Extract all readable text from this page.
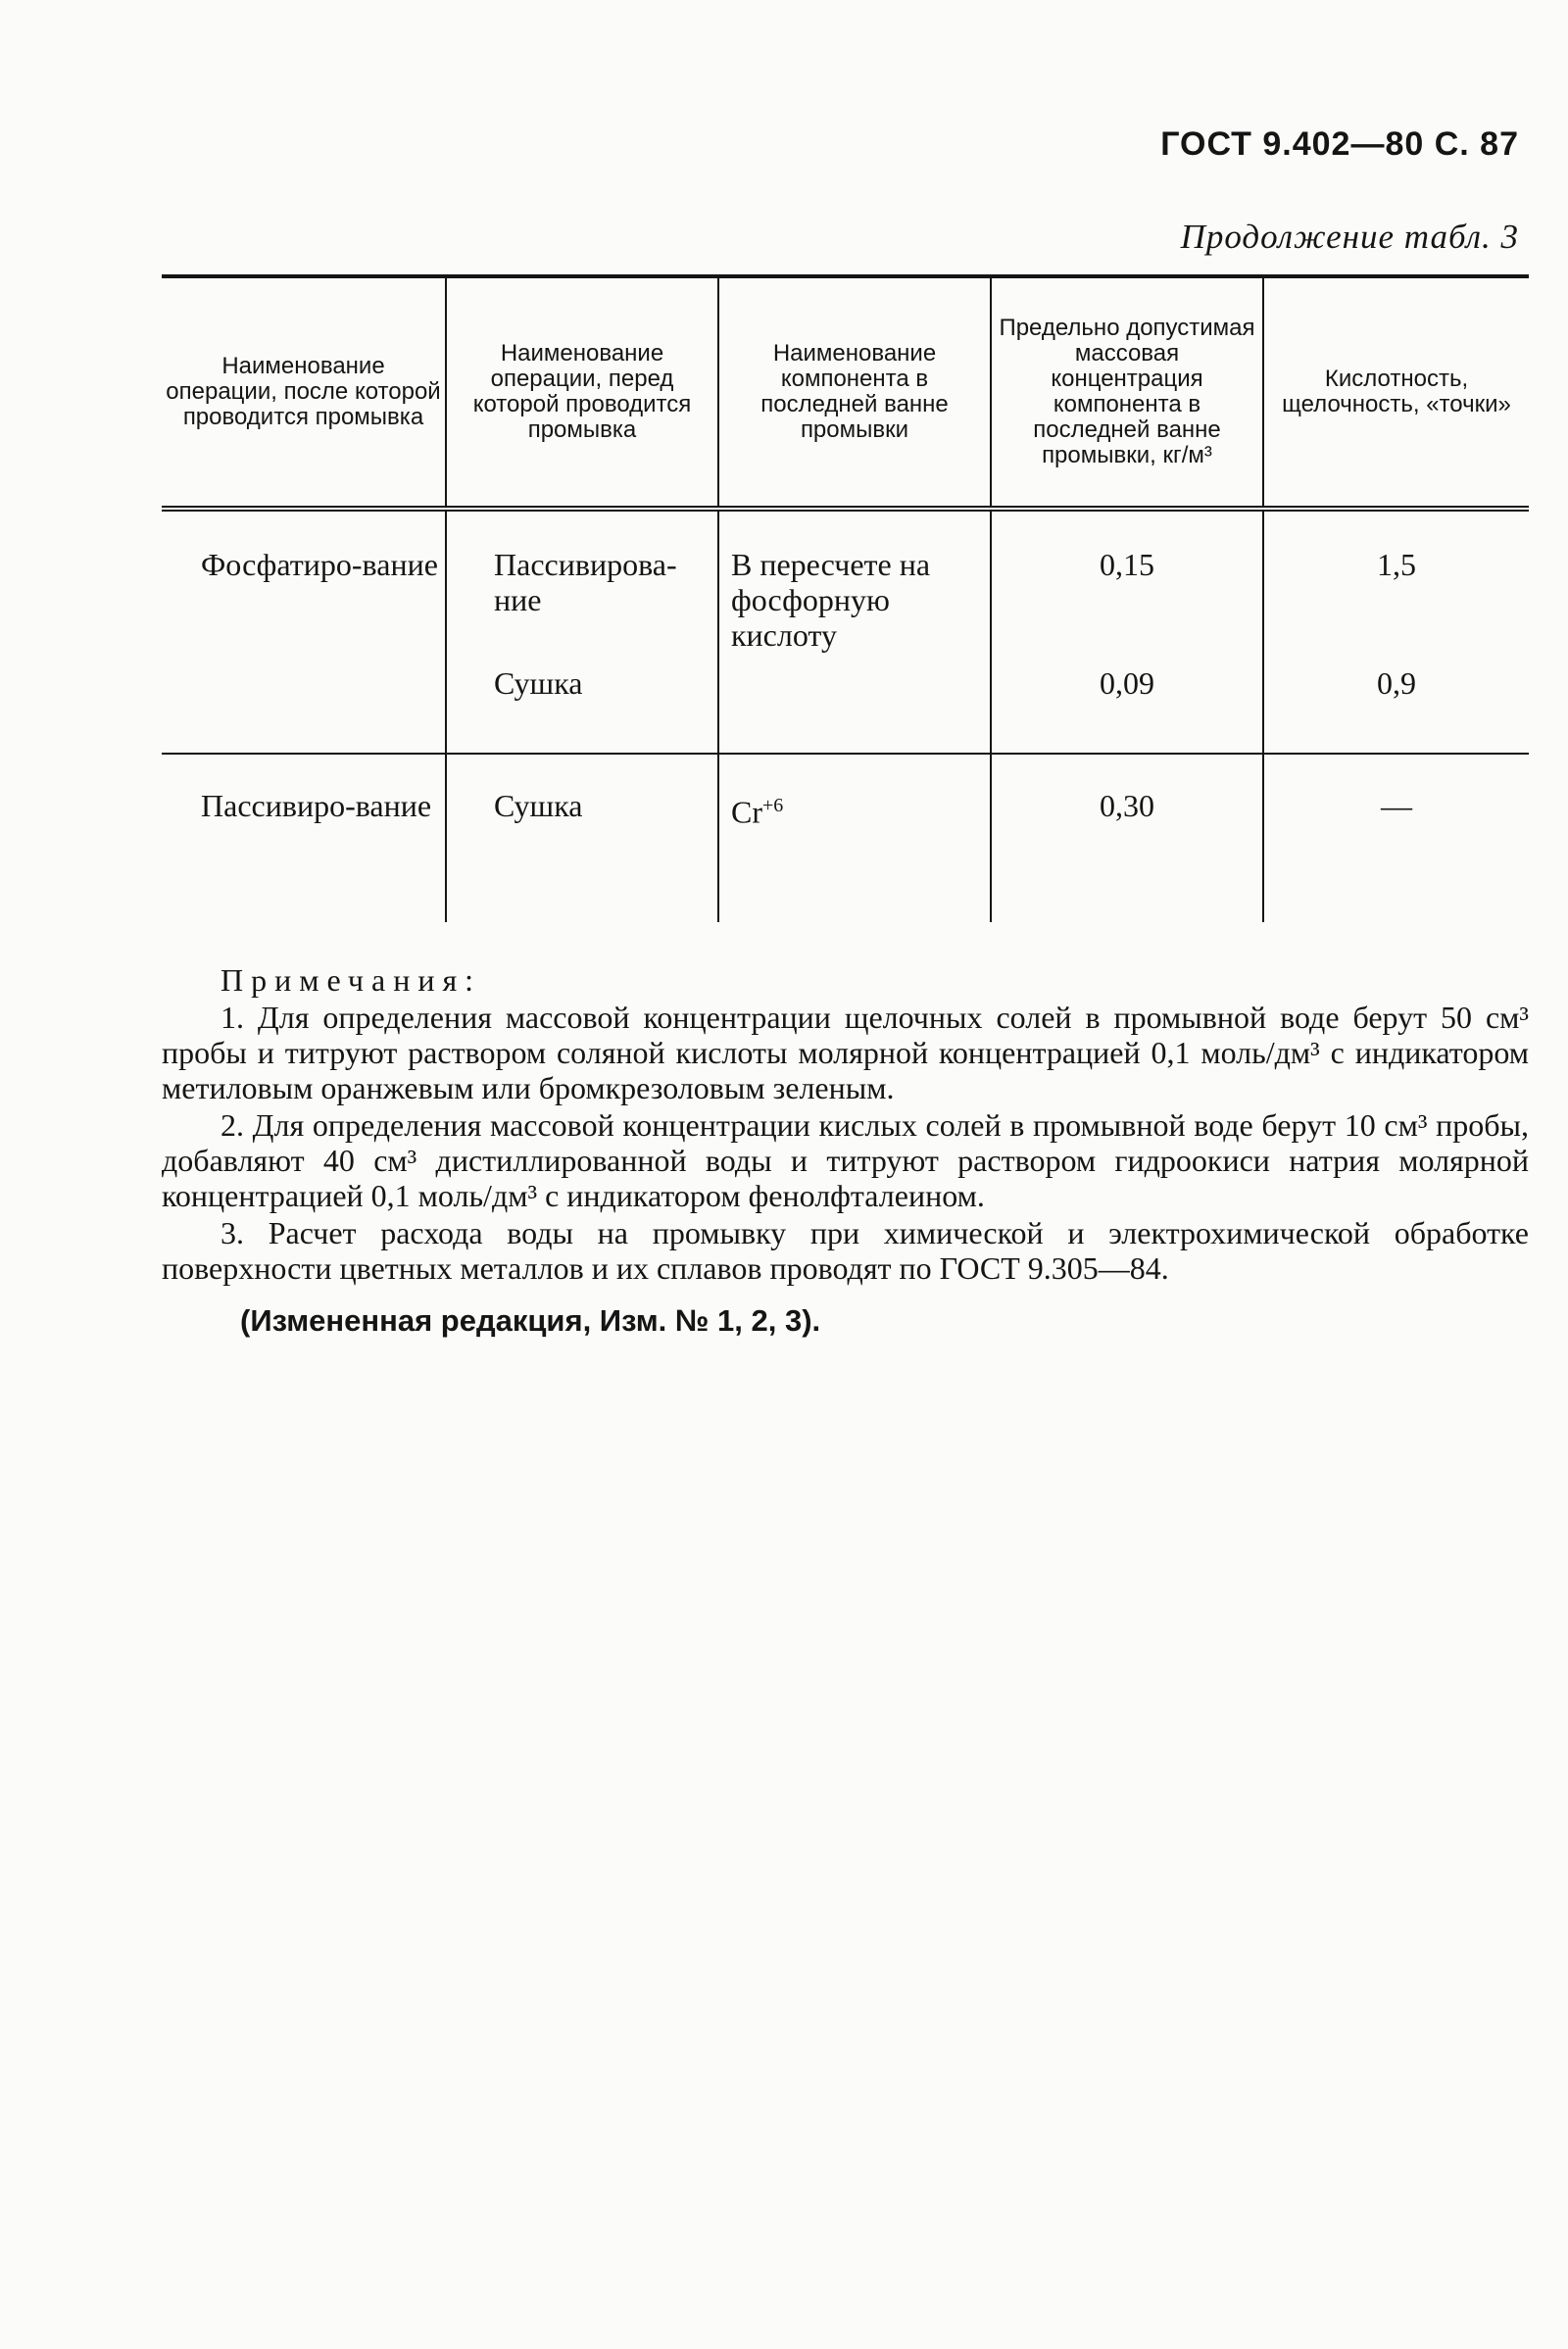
ГОСТ 9.402—80 С. 87
Продолжение табл. 3
Наименование операции, после которой проводится промывка	Наименование операции, перед которой проводится промывка	Наименование компонента в последней ванне промывки	Предельно допустимая массовая концентрация компонента в последней ванне промывки, кг/м³	Кислотность, щелочность, «точки»
Фосфатиро-вание	Пассивирова-ние	В пересчете на фосфорную кислоту	0,15	1,5
	Сушка		0,09	0,9
Пассивиро-вание	Сушка	$Cr^{+6}$	0,30	—
Примечания:

1. Для определения массовой концентрации щелочных солей в промывной воде берут 50 см³ пробы и титруют раствором соляной кислоты молярной концентрацией 0,1 моль/дм³ с индикатором метиловым оранжевым или бромкрезоловым зеленым.

2. Для определения массовой концентрации кислых солей в промывной воде берут 10 см³ пробы, добавляют 40 см³ дистиллированной воды и титруют раствором гидроокиси натрия молярной концентрацией 0,1 моль/дм³ с индикатором фенолфталеином.

3. Расчет расхода воды на промывку при химической и электрохимической обработке поверхности цветных металлов и их сплавов проводят по ГОСТ 9.305—84.

(Измененная редакция, Изм. № 1, 2, 3).
